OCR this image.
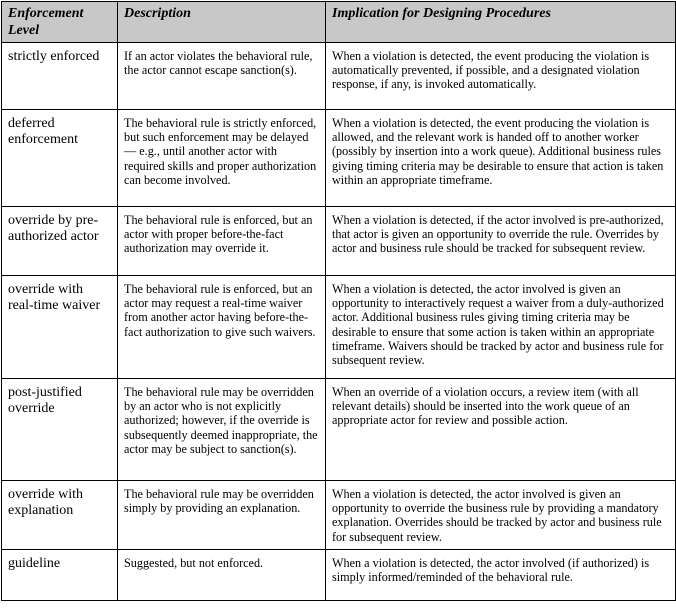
Enforcement Level	Description	Implication for Designing Procedures
strictly enforced	If an actor violates the behavioral rule, the actor cannot escape sanction(s).	When a violation is detected, the event producing the violation is automatically prevented, if possible, and a designated violation response, if any, is invoked automatically.
deferred enforcement	The behavioral rule is strictly enforced, but such enforcement may be delayed — e.g., until another actor with required skills and proper authorization can become involved.	When a violation is detected, the event producing the violation is allowed, and the relevant work is handed off to another worker (possibly by insertion into a work queue). Additional business rules giving timing criteria may be desirable to ensure that action is taken within an appropriate timeframe.
override by pre-authorized actor	The behavioral rule is enforced, but an actor with proper before-the-fact authorization may override it.	When a violation is detected, if the actor involved is pre-authorized, that actor is given an opportunity to override the rule. Overrides by actor and business rule should be tracked for subsequent review.
override with real-time waiver	The behavioral rule is enforced, but an actor may request a real-time waiver from another actor having before-the-fact authorization to give such waivers.	When a violation is detected, the actor involved is given an opportunity to interactively request a waiver from a duly-authorized actor. Additional business rules giving timing criteria may be desirable to ensure that some action is taken within an appropriate timeframe. Waivers should be tracked by actor and business rule for subsequent review.
post-justified override	The behavioral rule may be overridden by an actor who is not explicitly authorized; however, if the override is subsequently deemed inappropriate, the actor may be subject to sanction(s).	When an override of a violation occurs, a review item (with all relevant details) should be inserted into the work queue of an appropriate actor for review and possible action.
override with explanation	The behavioral rule may be overridden simply by providing an explanation.	When a violation is detected, the actor involved is given an opportunity to override the business rule by providing a mandatory explanation. Overrides should be tracked by actor and business rule for subsequent review.
guideline	Suggested, but not enforced.	When a violation is detected, the actor involved (if authorized) is simply informed/reminded of the behavioral rule.
